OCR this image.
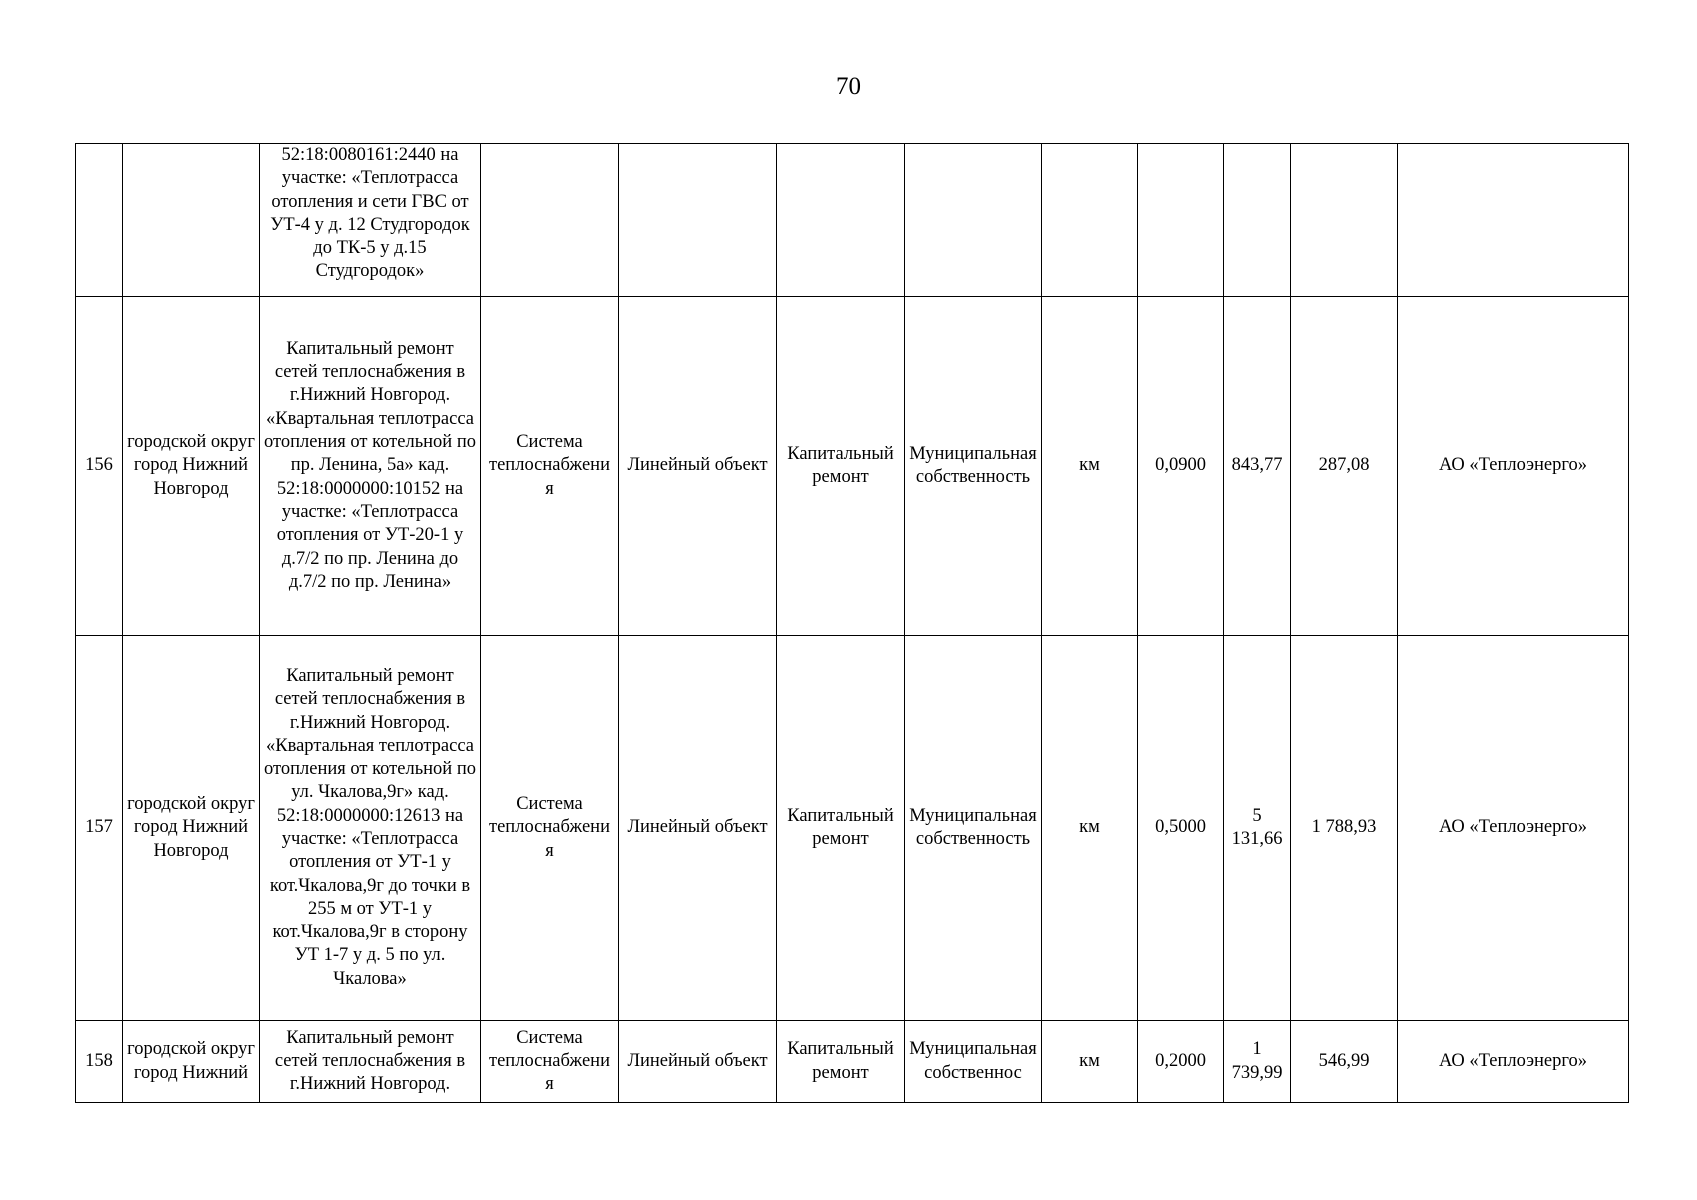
70
		52:18:0080161:2440 на участке: «Теплотрасса отопления и сети ГВС от УТ-4 у д. 12 Студгородок до ТК-5 у д.15 Студгородок»									
156	городской округ город Нижний Новгород	Капитальный ремонт сетей теплоснабжения в г.Нижний Новгород. «Квартальная теплотрасса отопления от котельной по пр. Ленина, 5а» кад. 52:18:0000000:10152 на участке: «Теплотрасса отопления от УТ-20-1 у д.7/2 по пр. Ленина до д.7/2 по пр. Ленина»	Система теплоснабжения	Линейный объект	Капитальный ремонт	Муниципальная собственность	км	0,0900	843,77	287,08	АО «Теплоэнерго»
157	городской округ город Нижний Новгород	Капитальный ремонт сетей теплоснабжения в г.Нижний Новгород. «Квартальная теплотрасса отопления от котельной по ул. Чкалова,9г» кад. 52:18:0000000:12613 на участке: «Теплотрасса отопления от УТ-1 у кот.Чкалова,9г до точки в 255 м от УТ-1 у кот.Чкалова,9г в сторону УТ 1-7 у д. 5 по ул. Чкалова»	Система теплоснабжения	Линейный объект	Капитальный ремонт	Муниципальная собственность	км	0,5000	5 131,66	1 788,93	АО «Теплоэнерго»
158	городской округ город Нижний	Капитальный ремонт сетей теплоснабжения в г.Нижний Новгород.	Система теплоснабжения	Линейный объект	Капитальный ремонт	Муниципальная собственнос	км	0,2000	1 739,99	546,99	АО «Теплоэнерго»
